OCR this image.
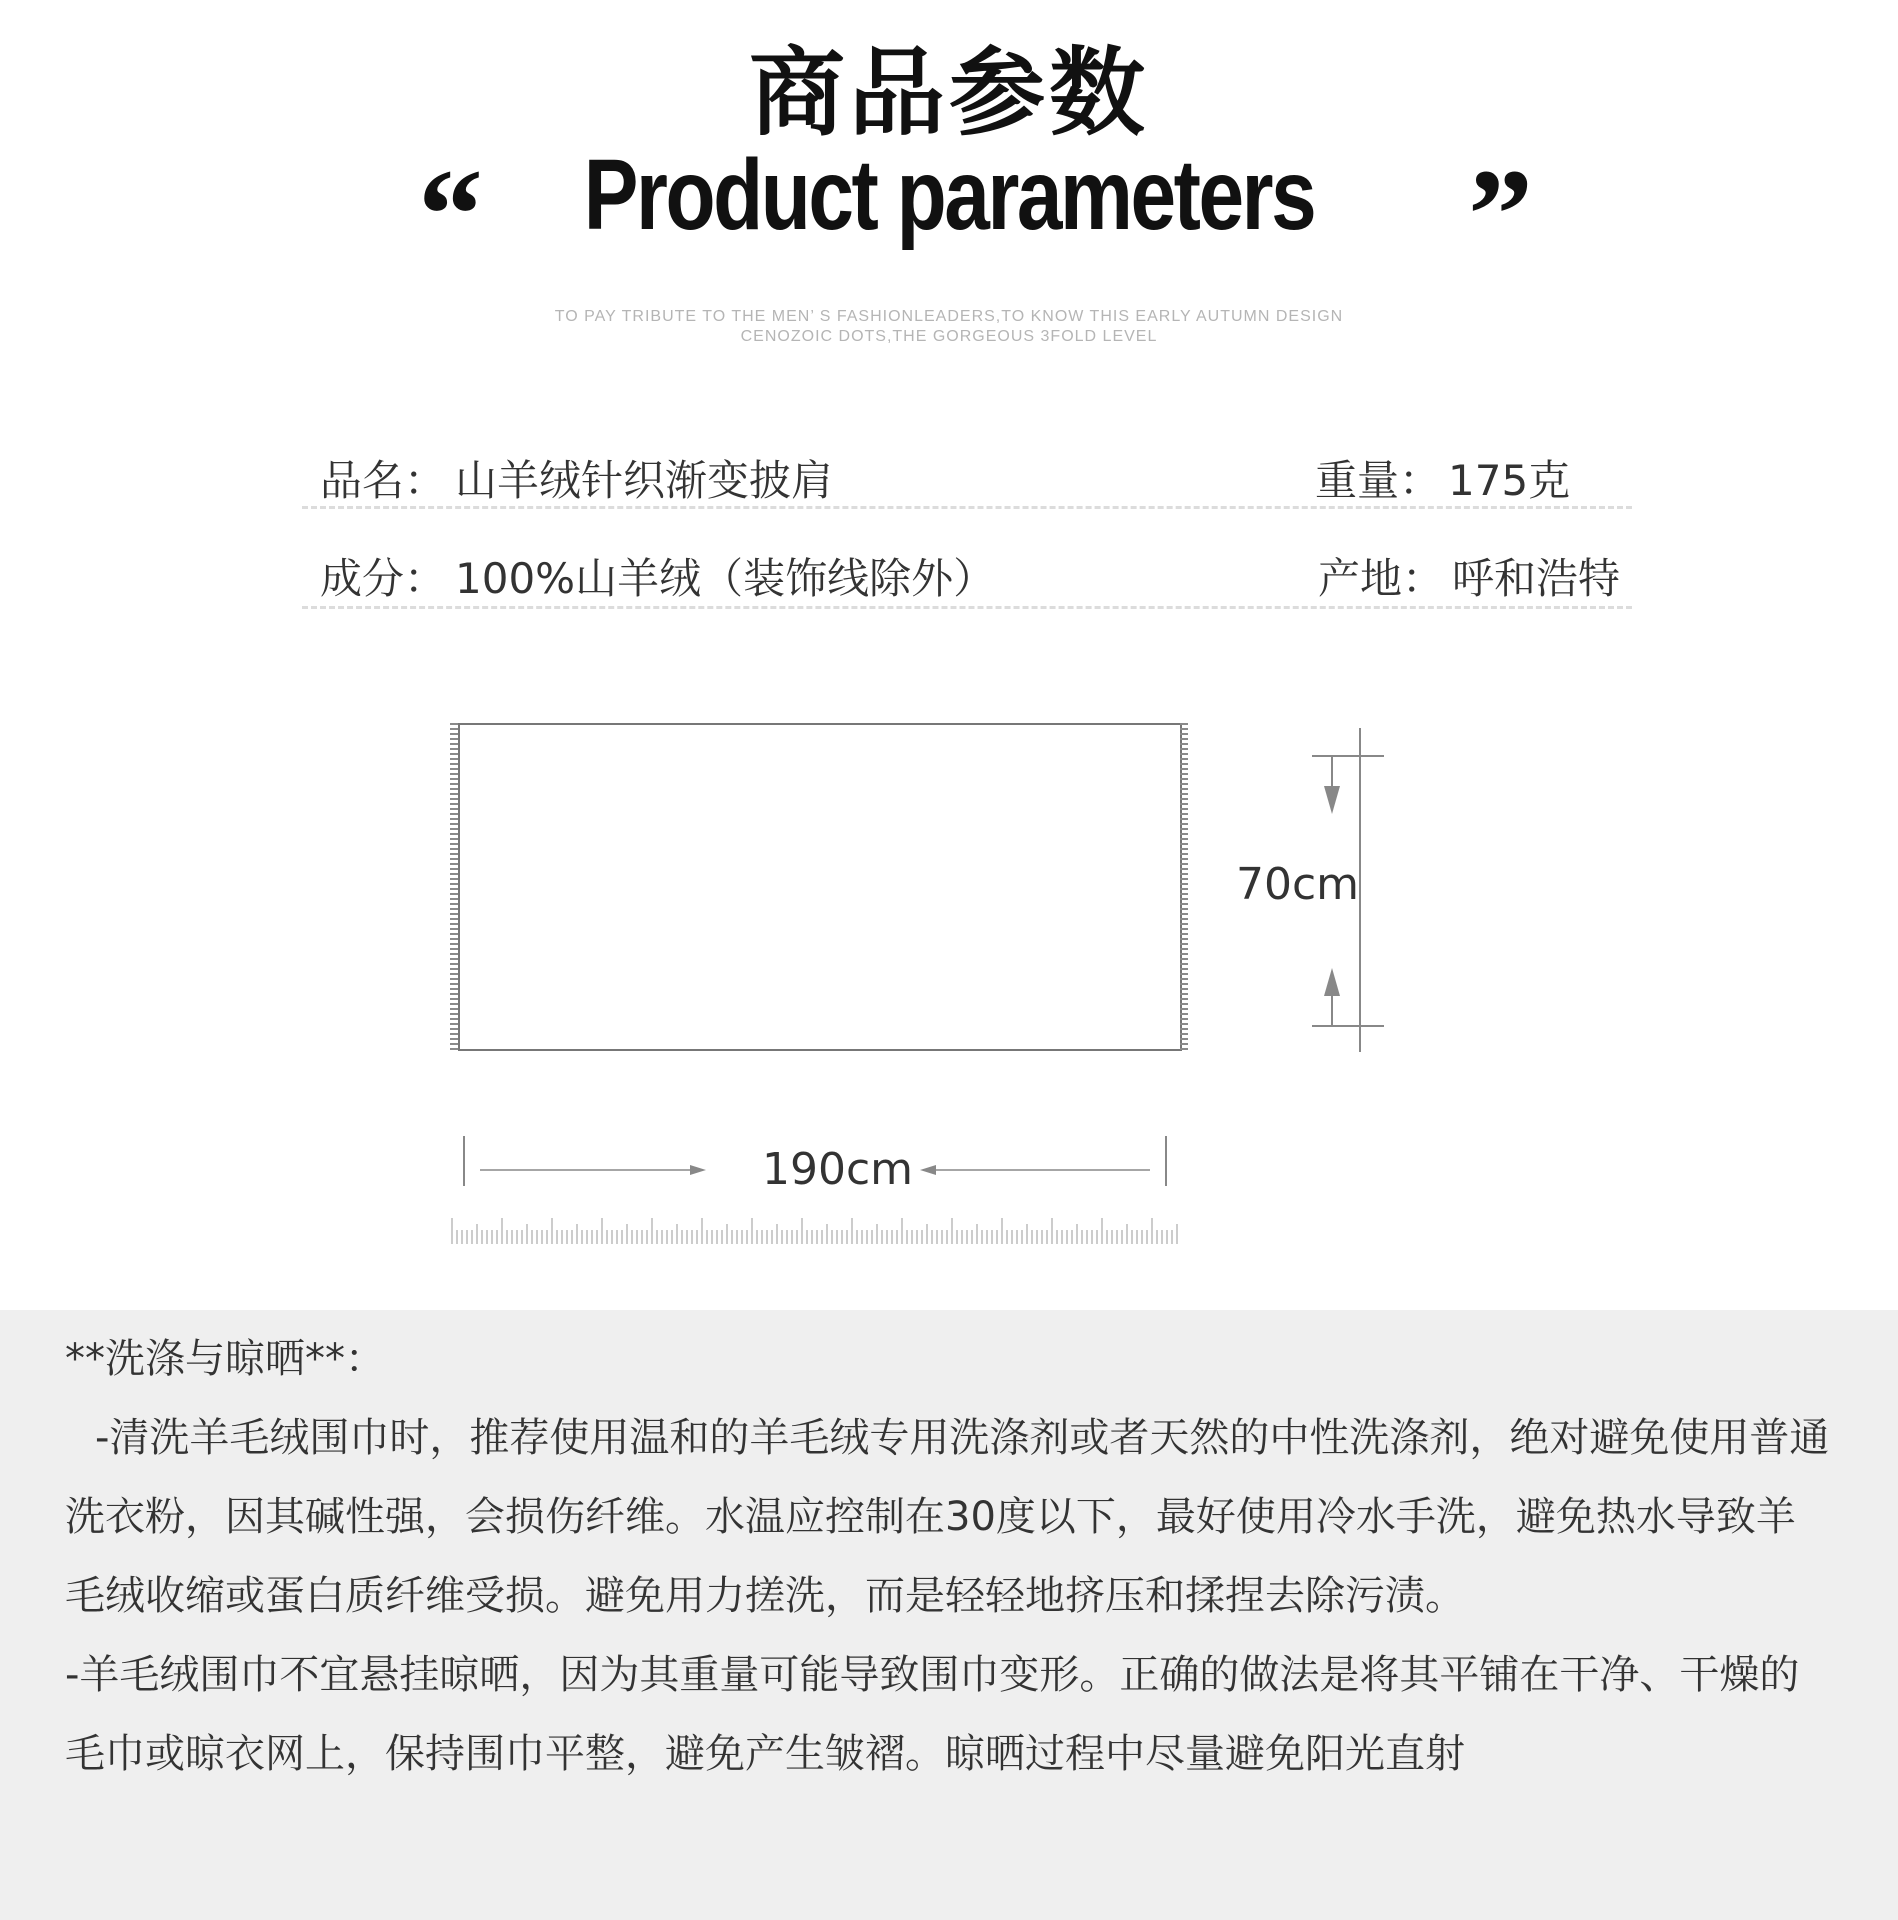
商品参数
“	Product parameters	”
TO PAY TRIBUTE TO THE MEN’ S FASHIONLEADERS,TO KNOW THIS EARLY AUTUMN DESIGN
CENOZOIC DOTS,THE GORGEOUS 3FOLD LEVEL
品名： 山羊绒针织渐变披肩	重量： 175克
成分： 100%山羊绒（装饰线除外）	产地： 呼和浩特
70cm
190cm

**洗涤与晾晒**：

-清洗羊毛绒围巾时，推荐使用温和的羊毛绒专用洗涤剂或者天然的中性洗涤剂，绝对避免使用普通洗衣粉，因其碱性强，会损伤纤维。水温应控制在30度以下，最好使用冷水手洗，避免热水导致羊毛绒收缩或蛋白质纤维受损。避免用力搓洗，而是轻轻地挤压和揉捏去除污渍。

-羊毛绒围巾不宜悬挂晾晒，因为其重量可能导致围巾变形。正确的做法是将其平铺在干净、干燥的毛巾或晾衣网上，保持围巾平整，避免产生皱褶。晾晒过程中尽量避免阳光直射
